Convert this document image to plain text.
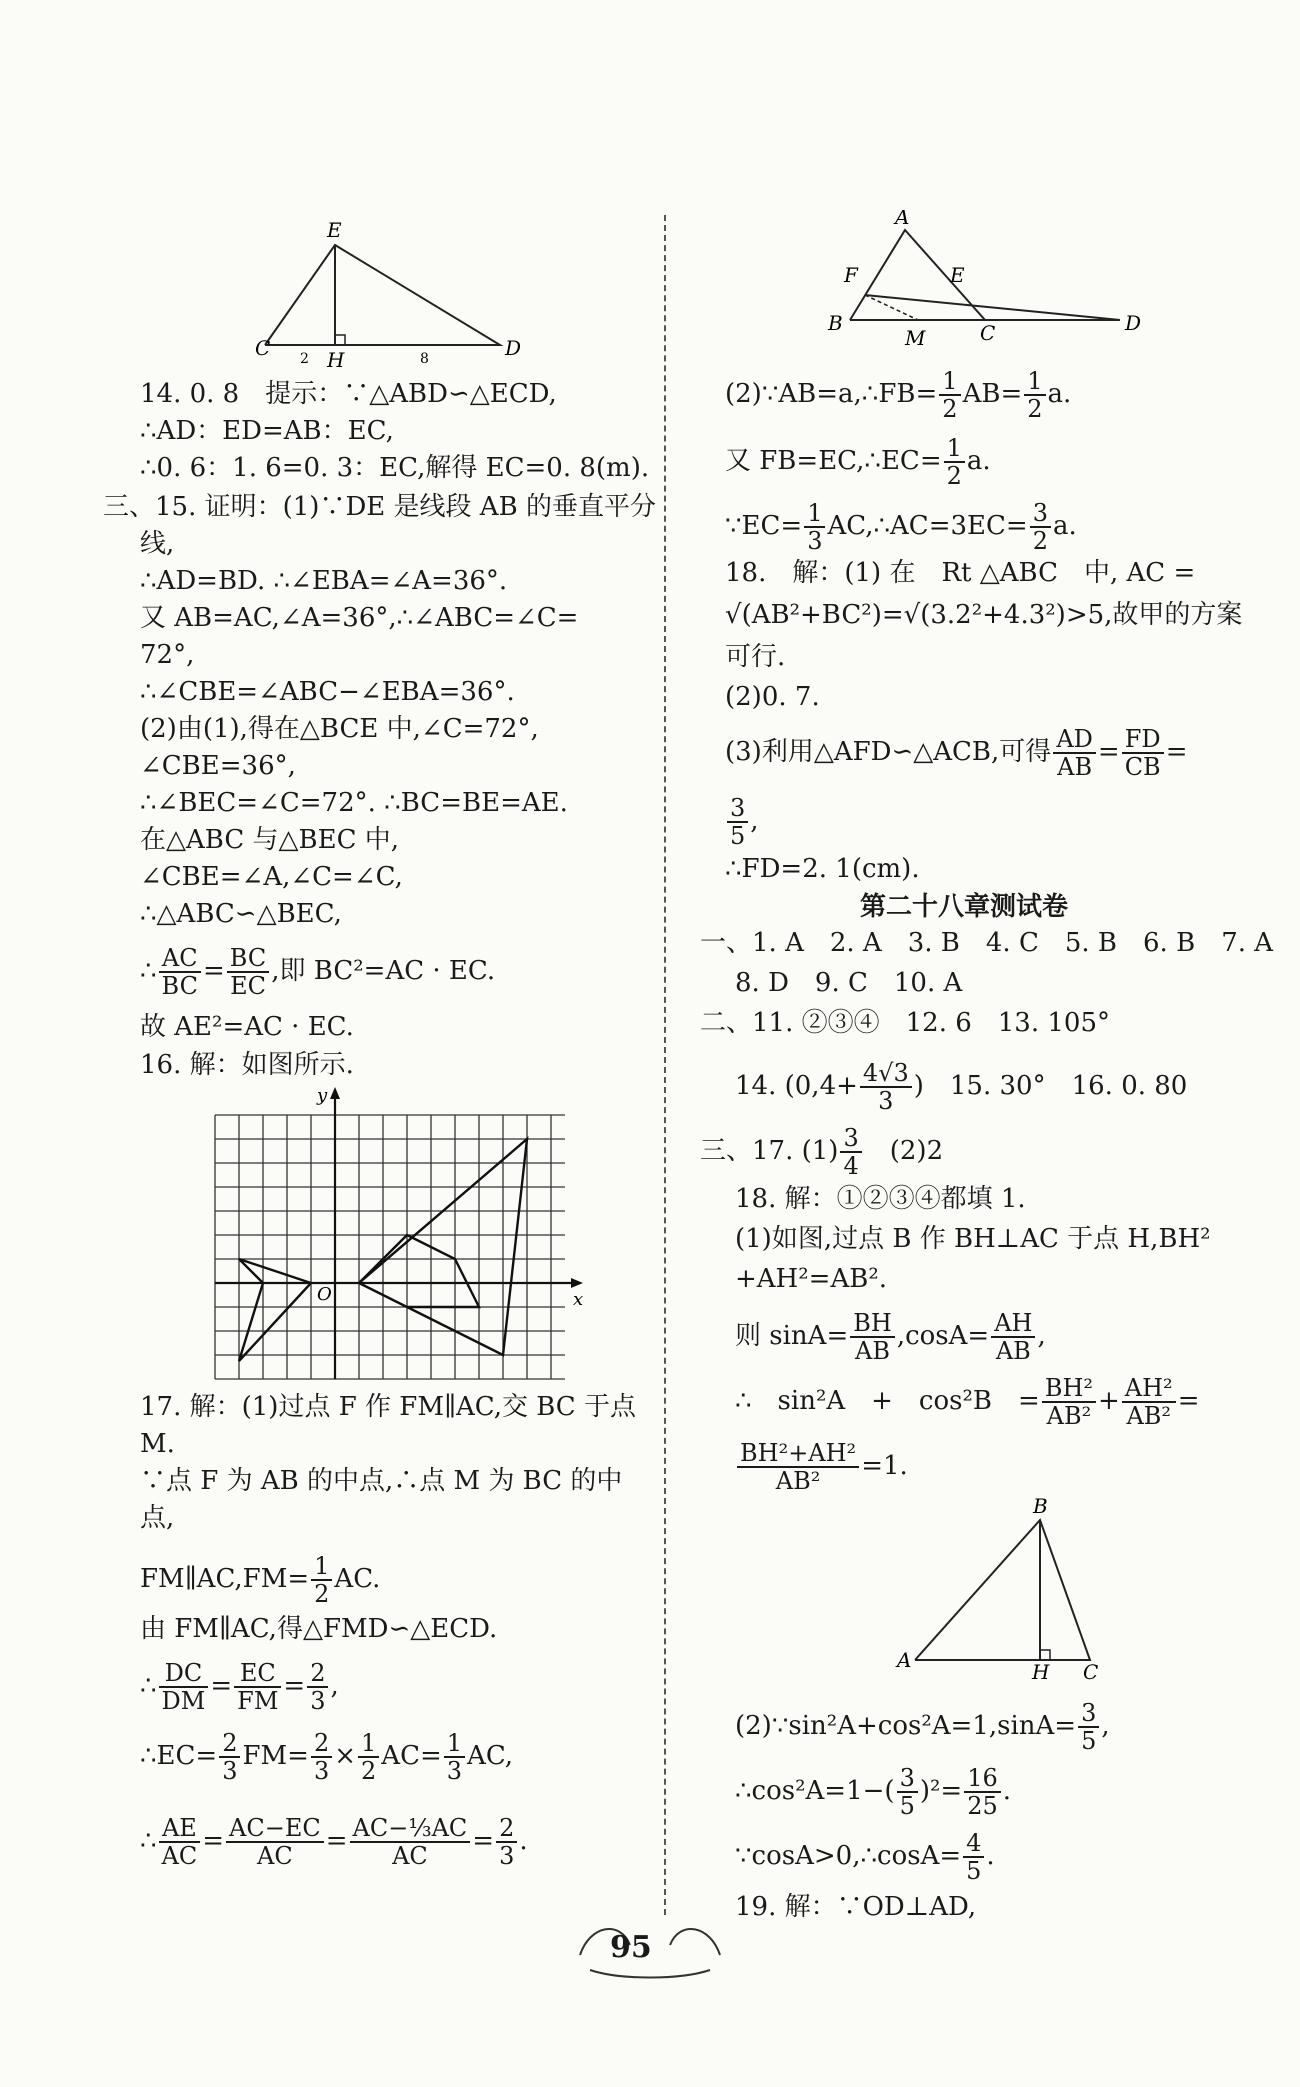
E
C	H	D
2	8
14. 0. 8　提示：∵△ABD∽△ECD,
∴AD：ED=AB：EC,
∴0. 6：1. 6=0. 3：EC,解得 EC=0. 8(m).
三、15. 证明：(1)∵DE 是线段 AB 的垂直平分
线,
∴AD=BD. ∴∠EBA=∠A=36°.
又 AB=AC,∠A=36°,∴∠ABC=∠C=
72°,
∴∠CBE=∠ABC−∠EBA=36°.
(2)由(1),得在△BCE 中,∠C=72°,
∠CBE=36°,
∴∠BEC=∠C=72°. ∴BC=BE=AE.
在△ABC 与△BEC 中,
∠CBE=∠A,∠C=∠C,
∴△ABC∽△BEC,
∴ $\frac{AC}{BC} = \frac{BC}{EC}$ ,即 BC²=AC · EC.
故 AE²=AC · EC.
16. 解：如图所示.
y
x
O
17. 解：(1)过点 F 作 FM∥AC,交 BC 于点
M.
∵点 F 为 AB 的中点,∴点 M 为 BC 的中
点,
FM∥AC,FM= $\frac{1}{2}$ AC.
由 FM∥AC,得△FMD∽△ECD.
∴ $\frac{DC}{DM} = \frac{EC}{FM} = \frac{2}{3}$ ,
∴EC= $\frac{2}{3} FM= \frac{2}{3} \times \frac{1}{2} AC= \frac{1}{3}$ AC,
∴ $\frac{AE}{AC} = \frac{AC-EC}{AC} = \frac{\text{AC−⅓AC}}{AC} = \frac{2}{3}$ .
A
F	E
B
M	C	D
(2)∵AB=a,∴FB= $\frac{1}{2} AB= \frac{1}{2} a$.
又 FB=EC,∴EC= $\frac{1}{2} a$.
∵EC= $\frac{1}{3}$ AC,∴AC=3EC= $\frac{3}{2} a$.
18.　解：(1) 在　Rt △ABC　中, AC =
√(AB²+BC²)=√(3.2²+4.3²)>5,故甲的方案
可行.
(2)0. 7.
(3)利用△AFD∽△ACB,可得 $\frac{AD}{AB} = \frac{FD}{CB}$ =
$\frac{3}{5}$ ,
∴FD=2. 1(cm).
第二十八章测试卷
一、1. A　2. A　3. B　4. C　5. B　6. B　7. A
8. D　9. C　10. A
二、11. ②③④　12. 6　13. 105°
14. ($0,4+ \frac{4√3}{3}$ )　15. 30°　16. 0. 80
三、17. $(1) \frac{3}{4}$ 　(2)2
18. 解：①②③④都填 1.
(1)如图,过点 B 作 BH⊥AC 于点 H,BH²
+AH²=AB².
则 $\sin A= \frac{BH}{AB} ,\cos A= \frac{AH}{AB}$ ,
∴　sin²A　+　cos²B　= $\frac{\text{BH²}}{\text{AB²}} + \frac{\text{AH²}}{\text{AB²}}$ =
$\frac{\text{BH²+AH²}}{\text{AB²}} =1$.
B
A	H C
(2)∵sin²A+cos²A=1,sinA= $\frac{3}{5}$ ,
∴cos²A=1−( $\frac{3}{5} )^2= \frac{16}{25}$ .
∵cosA>0,∴cosA= $\frac{4}{5}$ .
19. 解：∵OD⊥AD,
95
